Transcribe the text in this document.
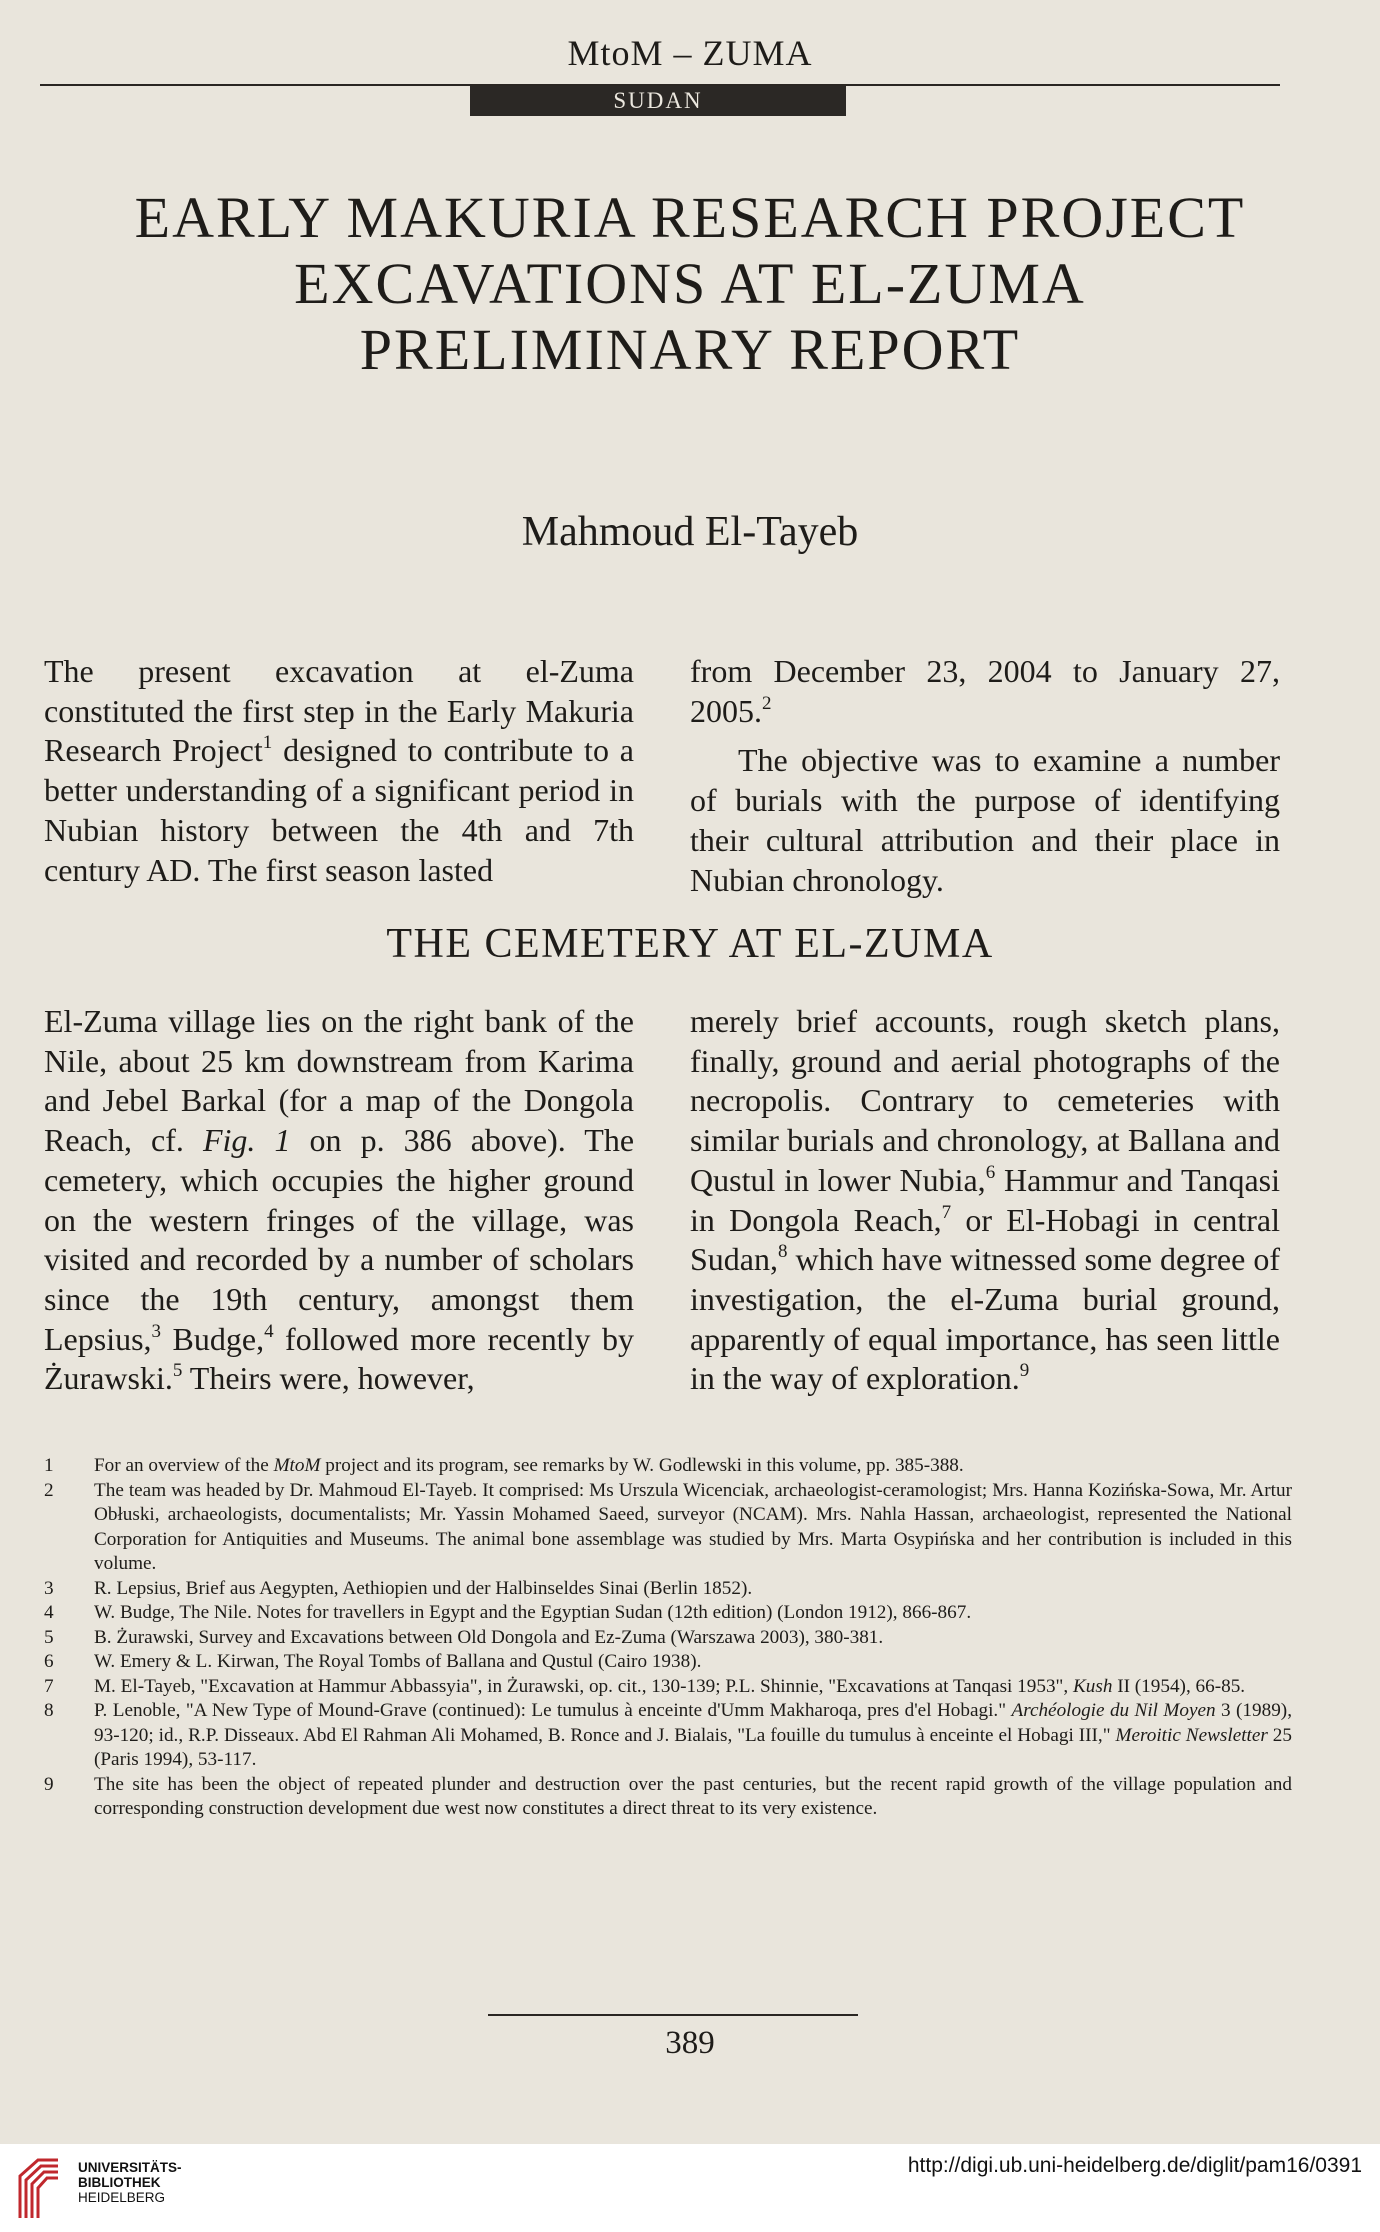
MtoM – ZUMA
SUDAN
EARLY MAKURIA RESEARCH PROJECT
EXCAVATIONS AT EL-ZUMA
PRELIMINARY REPORT
Mahmoud El-Tayeb

The present excavation at el-Zuma constituted the first step in the Early Makuria Research Project$^1$ designed to contribute to a better understanding of a significant period in Nubian history between the 4th and 7th century AD. The first season lasted

from December 23, 2004 to January 27, 2005.$^2$

The objective was to examine a number of burials with the purpose of identifying their cultural attribution and their place in Nubian chronology.

THE CEMETERY AT EL-ZUMA

El-Zuma village lies on the right bank of the Nile, about 25 km downstream from Karima and Jebel Barkal (for a map of the Dongola Reach, cf. Fig. 1 on p. 386 above). The cemetery, which occupies the higher ground on the western fringes of the village, was visited and recorded by a number of scholars since the 19th century, amongst them Lepsius,$^3$ Budge,$^4$ followed more recently by Żurawski.$^5$ Theirs were, however,

merely brief accounts, rough sketch plans, finally, ground and aerial photographs of the necropolis. Contrary to cemeteries with similar burials and chronology, at Ballana and Qustul in lower Nubia,$^6$ Hammur and Tanqasi in Dongola Reach,$^7$ or El-Hobagi in central Sudan,$^8$ which have witnessed some degree of investigation, the el-Zuma burial ground, apparently of equal importance, has seen little in the way of exploration.$^9$

1	For an overview of the MtoM project and its program, see remarks by W. Godlewski in this volume, pp. 385-388.
2	The team was headed by Dr. Mahmoud El-Tayeb. It comprised: Ms Urszula Wicenciak, archaeologist-ceramologist; Mrs. Hanna Kozińska-Sowa, Mr. Artur Obłuski, archaeologists, documentalists; Mr. Yassin Mohamed Saeed, surveyor (NCAM). Mrs. Nahla Hassan, archaeologist, represented the National Corporation for Antiquities and Museums. The animal bone assemblage was studied by Mrs. Marta Osypińska and her contribution is included in this volume.
3	R. Lepsius, Brief aus Aegypten, Aethiopien und der Halbinseldes Sinai (Berlin 1852).
4	W. Budge, The Nile. Notes for travellers in Egypt and the Egyptian Sudan (12th edition) (London 1912), 866-867.
5	B. Żurawski, Survey and Excavations between Old Dongola and Ez-Zuma (Warszawa 2003), 380-381.
6	W. Emery & L. Kirwan, The Royal Tombs of Ballana and Qustul (Cairo 1938).
7	M. El-Tayeb, "Excavation at Hammur Abbassyia", in Żurawski, op. cit., 130-139; P.L. Shinnie, "Excavations at Tanqasi 1953", Kush II (1954), 66-85.
8	P. Lenoble, "A New Type of Mound-Grave (continued): Le tumulus à enceinte d'Umm Makharoqa, pres d'el Hobagi." Archéologie du Nil Moyen 3 (1989), 93-120; id., R.P. Disseaux. Abd El Rahman Ali Mohamed, B. Ronce and J. Bialais, "La fouille du tumulus à enceinte el Hobagi III," Meroitic Newsletter 25 (Paris 1994), 53-117.
9	The site has been the object of repeated plunder and destruction over the past centuries, but the recent rapid growth of the village population and corresponding construction development due west now constitutes a direct threat to its very existence.
389
UNIVERSITÄTS-
BIBLIOTHEK
HEIDELBERG
http://digi.ub.uni-heidelberg.de/diglit/pam16/0391
